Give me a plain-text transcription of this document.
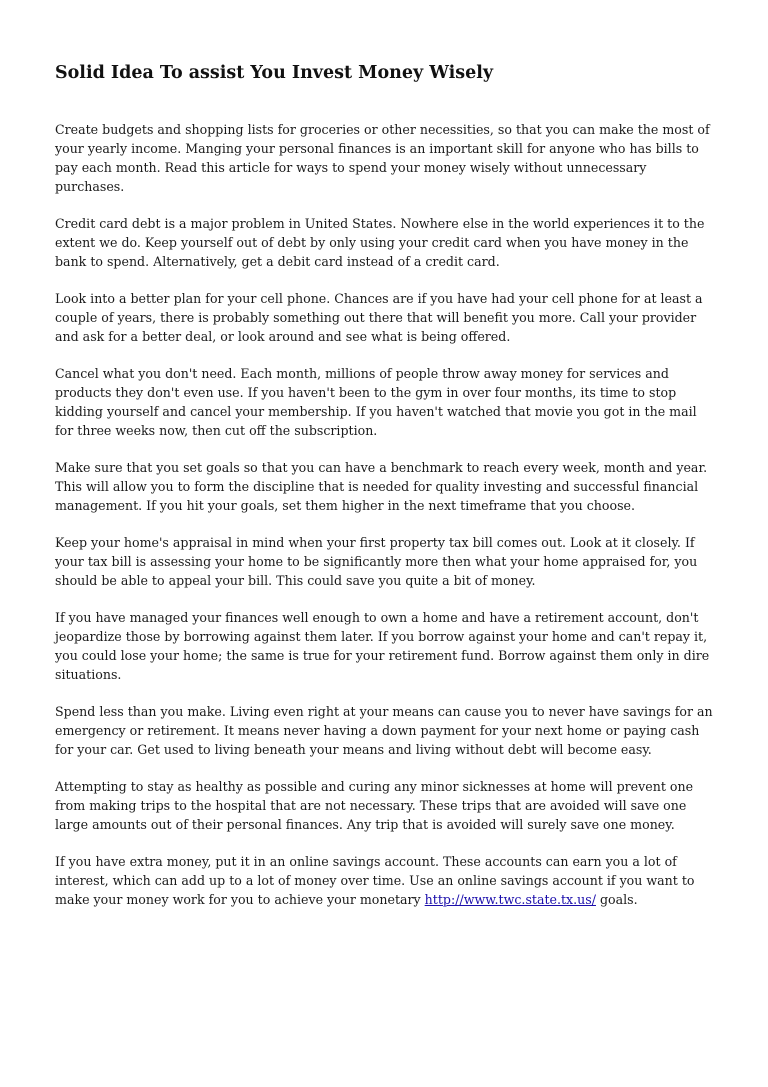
Solid Idea To assist You Invest Money Wisely

Create budgets and shopping lists for groceries or other necessities, so that you can make the most of your yearly income. Manging your personal finances is an important skill for anyone who has bills to pay each month. Read this article for ways to spend your money wisely without unnecessary purchases.

Credit card debt is a major problem in United States. Nowhere else in the world experiences it to the extent we do. Keep yourself out of debt by only using your credit card when you have money in the bank to spend. Alternatively, get a debit card instead of a credit card.

Look into a better plan for your cell phone. Chances are if you have had your cell phone for at least a couple of years, there is probably something out there that will benefit you more. Call your provider and ask for a better deal, or look around and see what is being offered.

Cancel what you don't need. Each month, millions of people throw away money for services and products they don't even use. If you haven't been to the gym in over four months, its time to stop kidding yourself and cancel your membership. If you haven't watched that movie you got in the mail for three weeks now, then cut off the subscription.

Make sure that you set goals so that you can have a benchmark to reach every week, month and year. This will allow you to form the discipline that is needed for quality investing and successful financial management. If you hit your goals, set them higher in the next timeframe that you choose.

Keep your home's appraisal in mind when your first property tax bill comes out. Look at it closely. If your tax bill is assessing your home to be significantly more then what your home appraised for, you should be able to appeal your bill. This could save you quite a bit of money.

If you have managed your finances well enough to own a home and have a retirement account, don't jeopardize those by borrowing against them later. If you borrow against your home and can't repay it, you could lose your home; the same is true for your retirement fund. Borrow against them only in dire situations.

Spend less than you make. Living even right at your means can cause you to never have savings for an emergency or retirement. It means never having a down payment for your next home or paying cash for your car. Get used to living beneath your means and living without debt will become easy.

Attempting to stay as healthy as possible and curing any minor sicknesses at home will prevent one from making trips to the hospital that are not necessary. These trips that are avoided will save one large amounts out of their personal finances. Any trip that is avoided will surely save one money.

If you have extra money, put it in an online savings account. These accounts can earn you a lot of interest, which can add up to a lot of money over time. Use an online savings account if you want to make your money work for you to achieve your monetary http://www.twc.state.tx.us/ goals.
